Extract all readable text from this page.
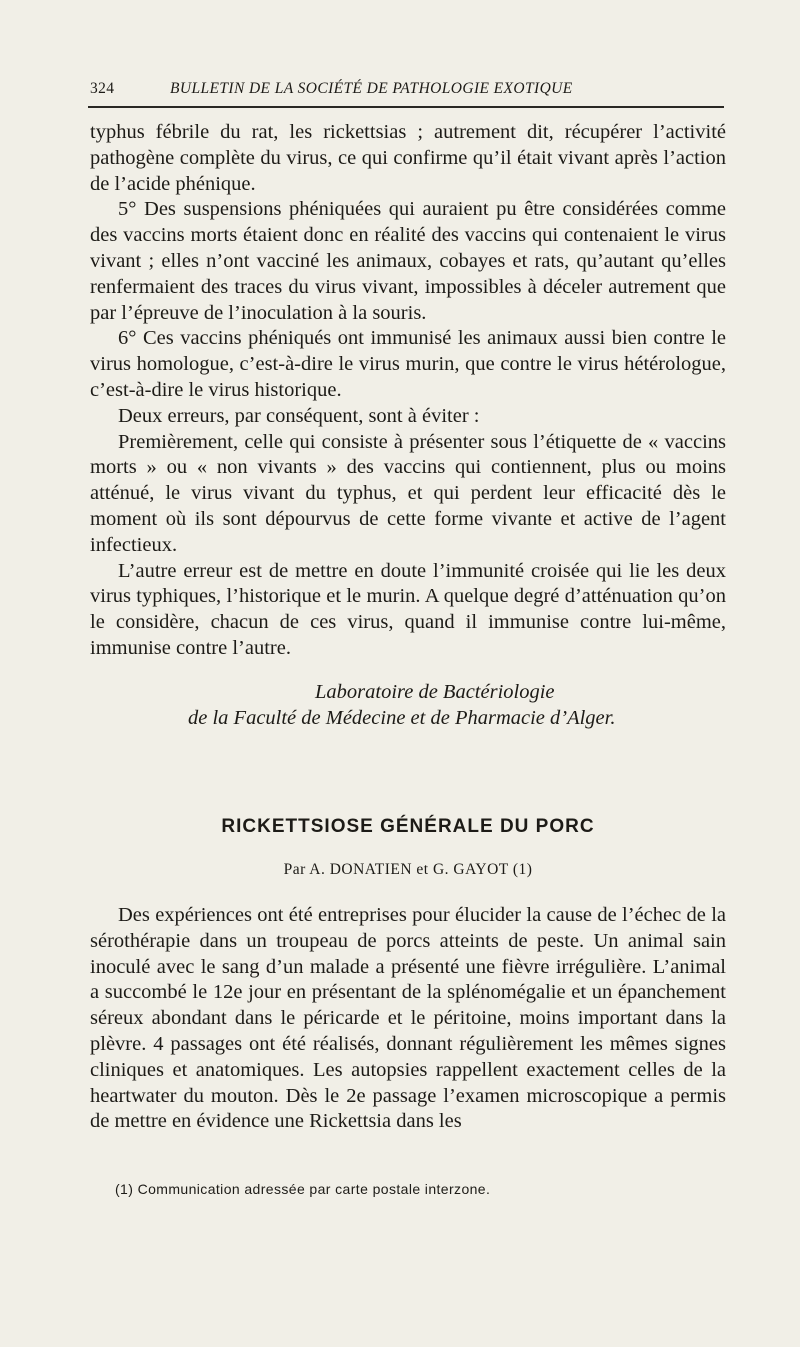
324	BULLETIN DE LA SOCIÉTÉ DE PATHOLOGIE EXOTIQUE

typhus fébrile du rat, les rickettsias ; autrement dit, récupérer l’activité pathogène complète du virus, ce qui confirme qu’il était vivant après l’action de l’acide phénique.

5° Des suspensions phéniquées qui auraient pu être considérées comme des vaccins morts étaient donc en réalité des vaccins qui contenaient le virus vivant ; elles n’ont vacciné les animaux, cobayes et rats, qu’autant qu’elles renfermaient des traces du virus vivant, impossibles à déceler autrement que par l’épreuve de l’inoculation à la souris.

6° Ces vaccins phéniqués ont immunisé les animaux aussi bien contre le virus homologue, c’est-à-dire le virus murin, que contre le virus hétérologue, c’est-à-dire le virus historique.

Deux erreurs, par conséquent, sont à éviter :

Premièrement, celle qui consiste à présenter sous l’étiquette de « vaccins morts » ou « non vivants » des vaccins qui contiennent, plus ou moins atténué, le virus vivant du typhus, et qui perdent leur efficacité dès le moment où ils sont dépourvus de cette forme vivante et active de l’agent infectieux.

L’autre erreur est de mettre en doute l’immunité croisée qui lie les deux virus typhiques, l’historique et le murin. A quelque degré d’atténuation qu’on le considère, chacun de ces virus, quand il immunise contre lui-même, immunise contre l’autre.

Laboratoire de Bactériologie
de la Faculté de Médecine et de Pharmacie d’Alger.
RICKETTSIOSE GÉNÉRALE DU PORC
Par A. DONATIEN et G. GAYOT (1)

Des expériences ont été entreprises pour élucider la cause de l’échec de la sérothérapie dans un troupeau de porcs atteints de peste. Un animal sain inoculé avec le sang d’un malade a présenté une fièvre irrégulière. L’animal a succombé le 12e jour en présentant de la splénomégalie et un épanchement séreux abondant dans le péricarde et le péritoine, moins important dans la plèvre. 4 passages ont été réalisés, donnant régulièrement les mêmes signes cliniques et anatomiques. Les autopsies rappellent exactement celles de la heartwater du mouton. Dès le 2e passage l’examen microscopique a permis de mettre en évidence une Rickettsia dans les

(1) Communication adressée par carte postale interzone.
